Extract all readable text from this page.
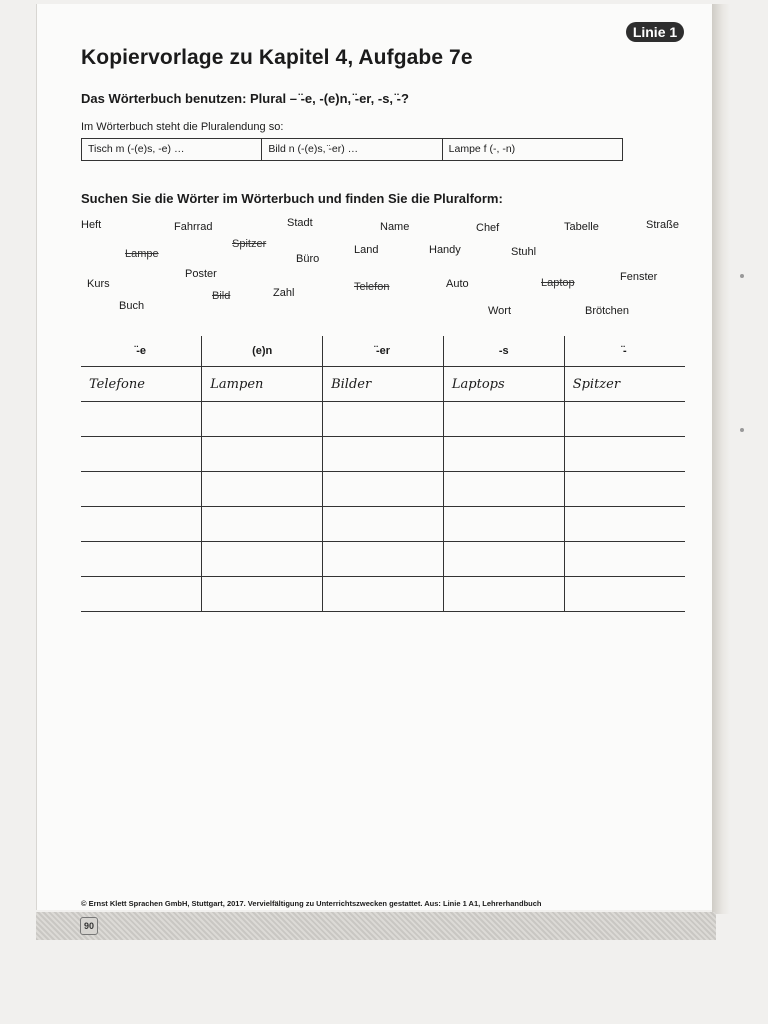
Linie 1
Kopiervorlage zu Kapitel 4, Aufgabe 7e
Das Wörterbuch benutzen: Plural – ̈-e, -(e)n, ̈-er, -s, ̈-?
Im Wörterbuch steht die Pluralendung so:
Tisch m (-(e)s, -e) …	Bild n (-(e)s, ̈-er) …	Lampe f (-, -n)
Suchen Sie die Wörter im Wörterbuch und finden Sie die Pluralform:
Heft	Fahrrad	Stadt	Name	Chef	Tabelle	Straße
Lampe
Spitzer
Büro
Land	Handy	Stuhl
Poster	Fenster
Kurs
Bild	Zahl	Telefon	Auto	Laptop
Buch	Wort	Brötchen
̈-e	(e)n	̈-er	-s	̈-
Telefone	Lampen	Bilder	Laptops	Spitzer

© Ernst Klett Sprachen GmbH, Stuttgart, 2017. Vervielfältigung zu Unterrichtszwecken gestattet. Aus: Linie 1 A1, Lehrerhandbuch
90
